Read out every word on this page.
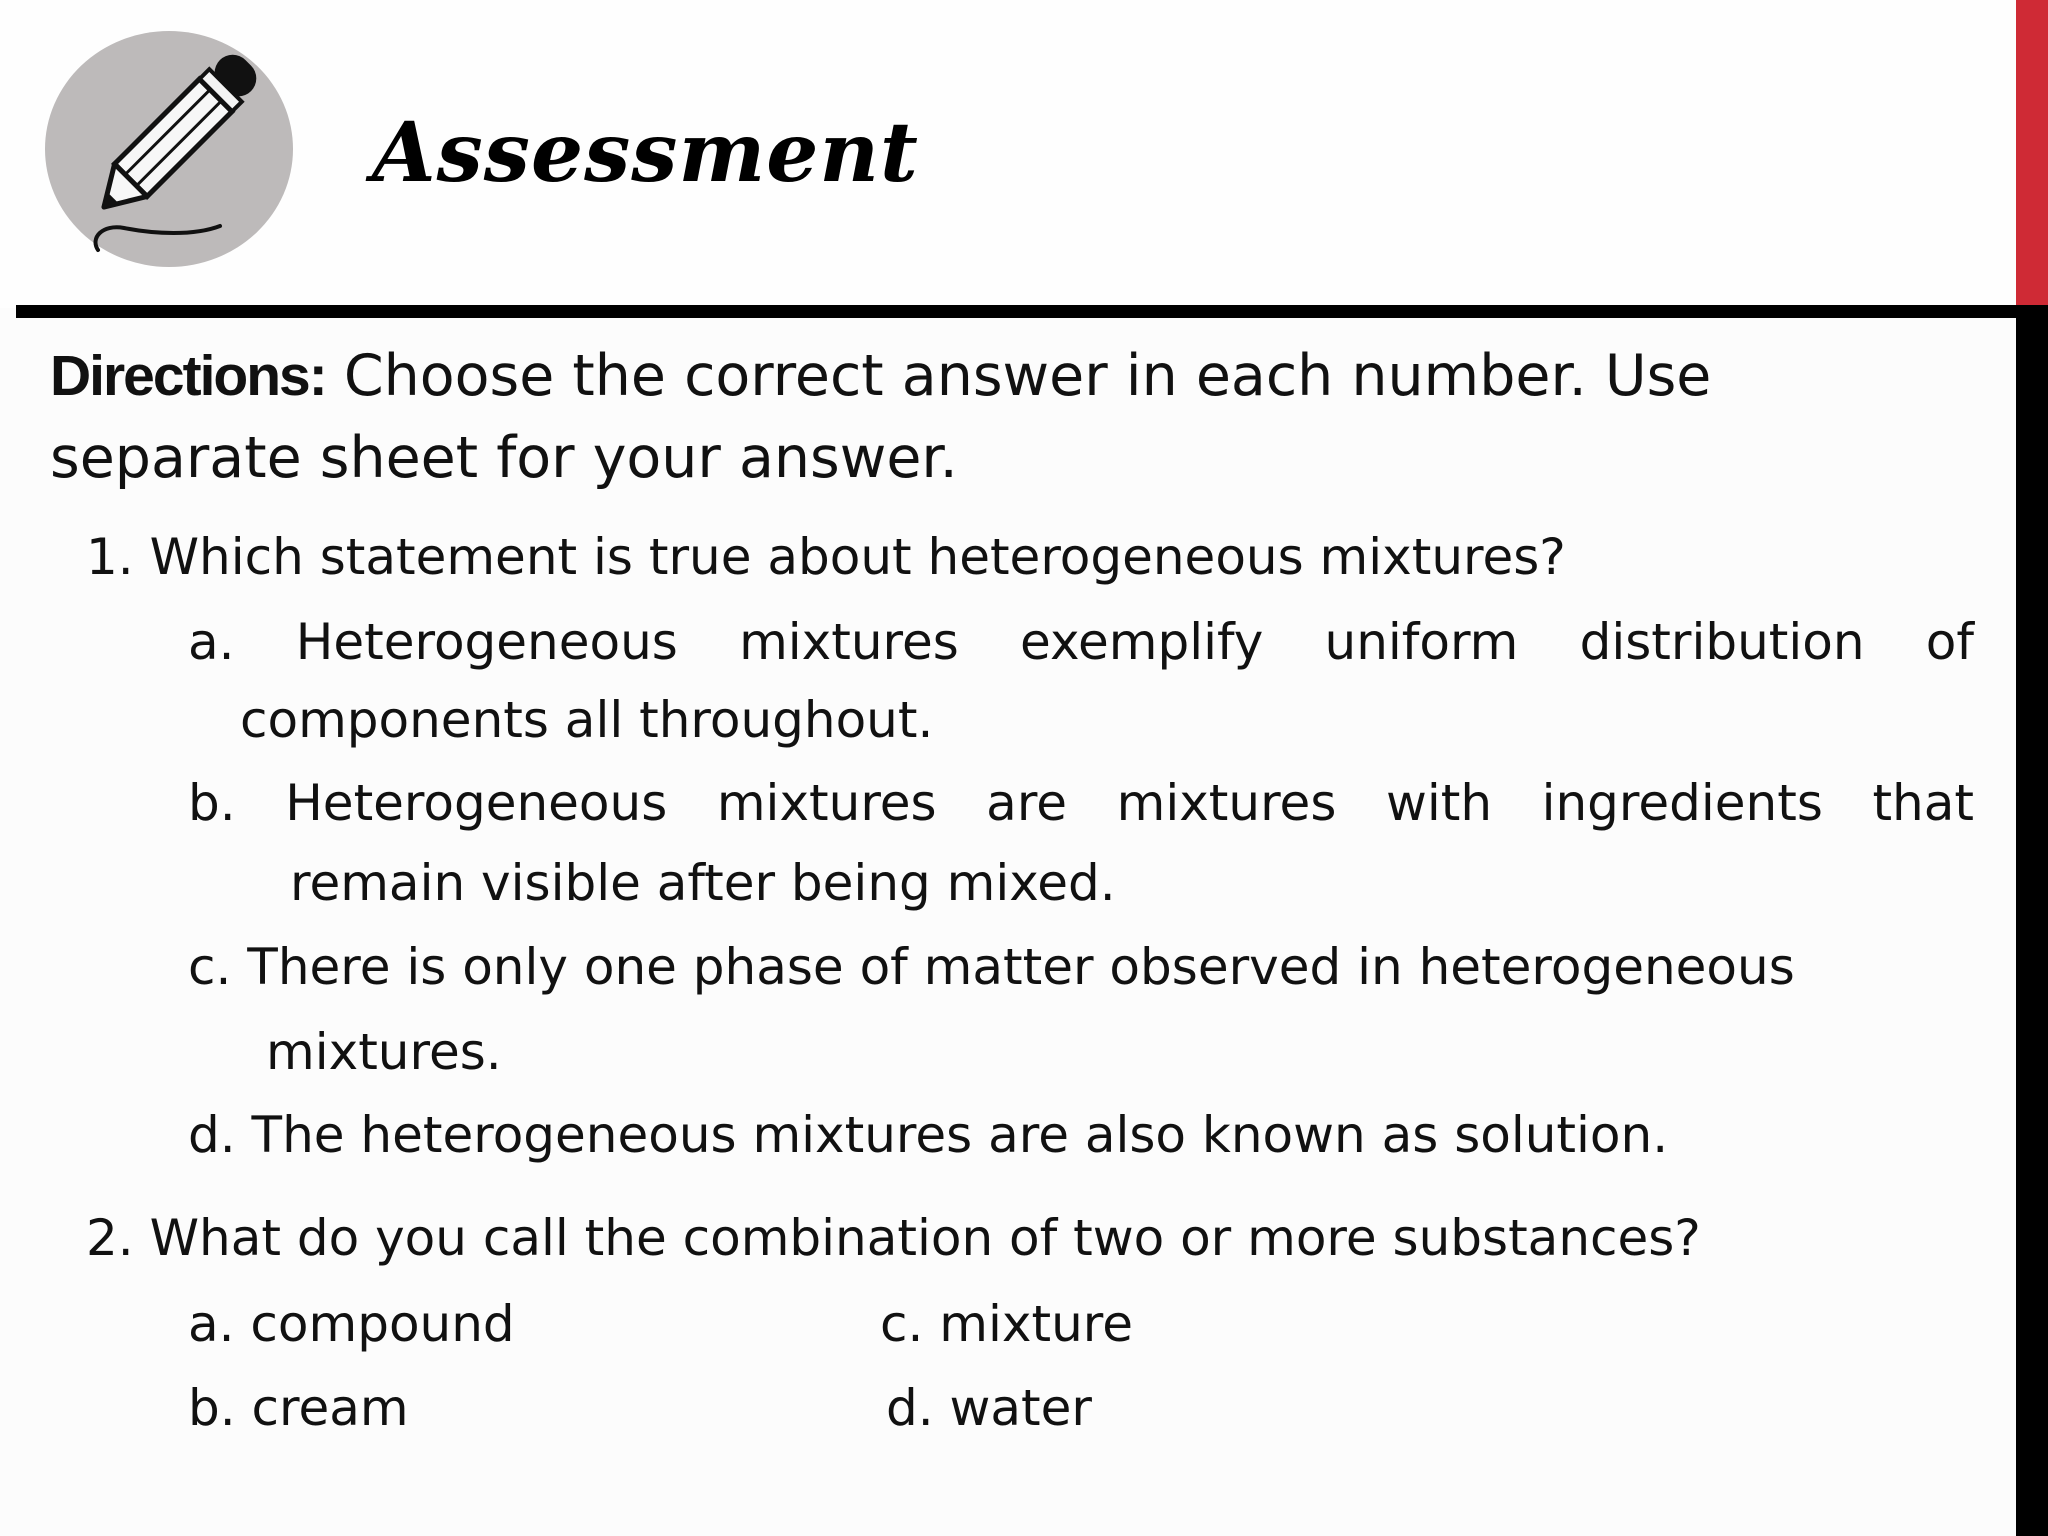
Assessment
Directions: Choose the correct answer in each number. Use
separate sheet for your answer.
1. Which statement is true about heterogeneous mixtures?
a. Heterogeneous mixtures exemplify uniform distribution of
components all throughout.
b. Heterogeneous mixtures are mixtures with ingredients that
remain visible after being mixed.
c. There is only one phase of matter observed in heterogeneous
mixtures.
d. The heterogeneous mixtures are also known as solution.
2. What do you call the combination of two or more substances?
a. compound	c. mixture
b. cream	d. water
